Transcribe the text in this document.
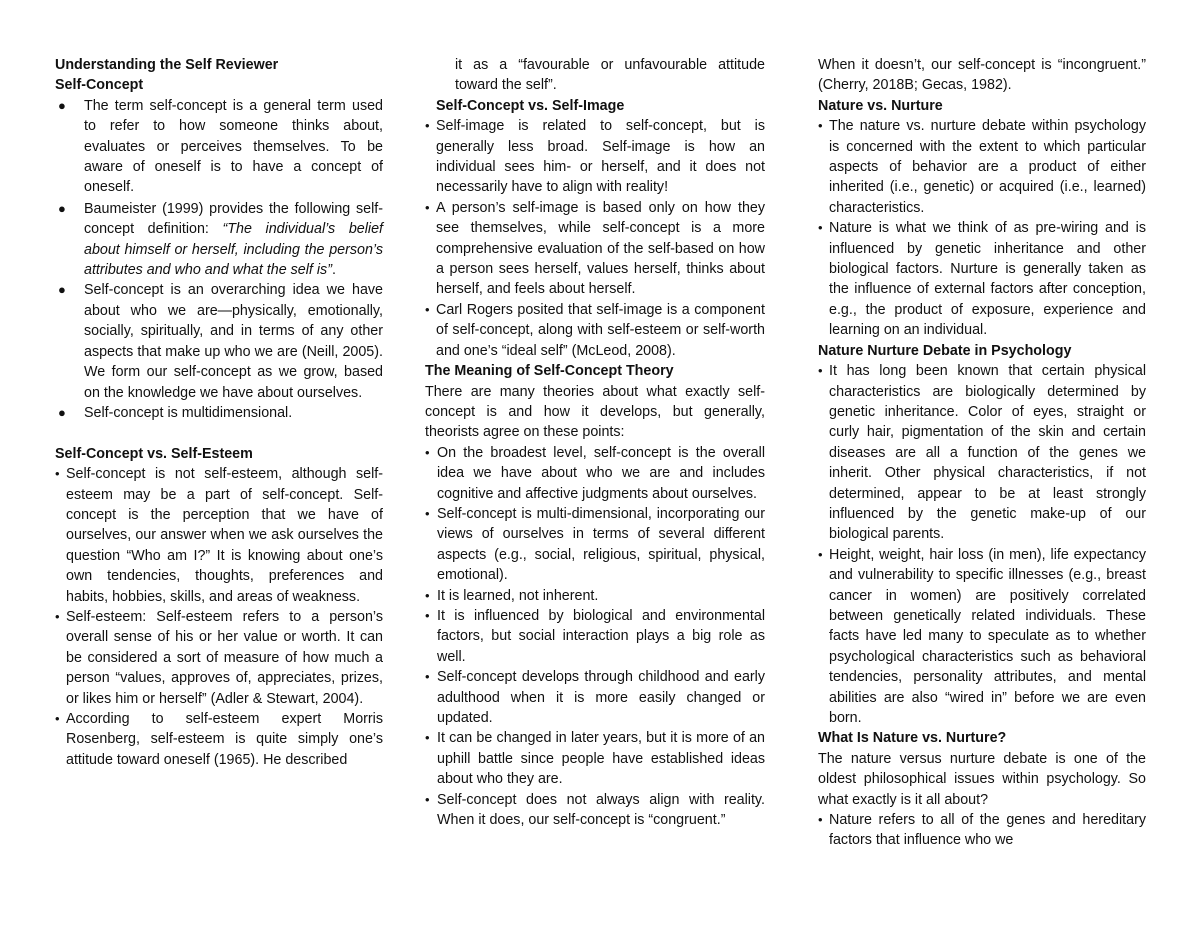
Understanding the Self Reviewer

Self-Concept

● The term self-concept is a general term used to refer to how someone thinks about, evaluates or perceives themselves. To be aware of oneself is to have a concept of oneself.
● Baumeister (1999) provides the following self-concept definition: “The individual’s belief about himself or herself, including the person’s attributes and who and what the self is”.
● Self-concept is an overarching idea we have about who we are—physically, emotionally, socially, spiritually, and in terms of any other aspects that make up who we are (Neill, 2005). We form our self-concept as we grow, based on the knowledge we have about ourselves.
● Self-concept is multidimensional.

Self-Concept vs. Self-Esteem

• Self-concept is not self-esteem, although self-esteem may be a part of self-concept. Self-concept is the perception that we have of ourselves, our answer when we ask ourselves the question “Who am I?” It is knowing about one’s own tendencies, thoughts, preferences and habits, hobbies, skills, and areas of weakness.
• Self-esteem: Self-esteem refers to a person’s overall sense of his or her value or worth. It can be considered a sort of measure of how much a person “values, approves of, appreciates, prizes, or likes him or herself” (Adler & Stewart, 2004).
• According to self-esteem expert Morris Rosenberg, self-esteem is quite simply one’s attitude toward oneself (1965). He described

it as a “favourable or unfavourable attitude toward the self”.

Self-Concept vs. Self-Image

• Self-image is related to self-concept, but is generally less broad. Self-image is how an individual sees him- or herself, and it does not necessarily have to align with reality!
• A person’s self-image is based only on how they see themselves, while self-concept is a more comprehensive evaluation of the self-based on how a person sees herself, values herself, thinks about herself, and feels about herself.
• Carl Rogers posited that self-image is a component of self-concept, along with self-esteem or self-worth and one’s “ideal self” (McLeod, 2008).

The Meaning of Self-Concept Theory

There are many theories about what exactly self-concept is and how it develops, but generally, theorists agree on these points:

• On the broadest level, self-concept is the overall idea we have about who we are and includes cognitive and affective judgments about ourselves.
• Self-concept is multi-dimensional, incorporating our views of ourselves in terms of several different aspects (e.g., social, religious, spiritual, physical, emotional).
• It is learned, not inherent.
• It is influenced by biological and environmental factors, but social interaction plays a big role as well.
• Self-concept develops through childhood and early adulthood when it is more easily changed or updated.
• It can be changed in later years, but it is more of an uphill battle since people have established ideas about who they are.
• Self-concept does not always align with reality. When it does, our self-concept is “congruent.”

When it doesn’t, our self-concept is “incongruent.” (Cherry, 2018B; Gecas, 1982).

Nature vs. Nurture

• The nature vs. nurture debate within psychology is concerned with the extent to which particular aspects of behavior are a product of either inherited (i.e., genetic) or acquired (i.e., learned) characteristics.
• Nature is what we think of as pre-wiring and is influenced by genetic inheritance and other biological factors. Nurture is generally taken as the influence of external factors after conception, e.g., the product of exposure, experience and learning on an individual.

Nature Nurture Debate in Psychology

• It has long been known that certain physical characteristics are biologically determined by genetic inheritance. Color of eyes, straight or curly hair, pigmentation of the skin and certain diseases are all a function of the genes we inherit. Other physical characteristics, if not determined, appear to be at least strongly influenced by the genetic make-up of our biological parents.
• Height, weight, hair loss (in men), life expectancy and vulnerability to specific illnesses (e.g., breast cancer in women) are positively correlated between genetically related individuals. These facts have led many to speculate as to whether psychological characteristics such as behavioral tendencies, personality attributes, and mental abilities are also “wired in” before we are even born.

What Is Nature vs. Nurture?

The nature versus nurture debate is one of the oldest philosophical issues within psychology. So what exactly is it all about?

• Nature refers to all of the genes and hereditary factors that influence who we
